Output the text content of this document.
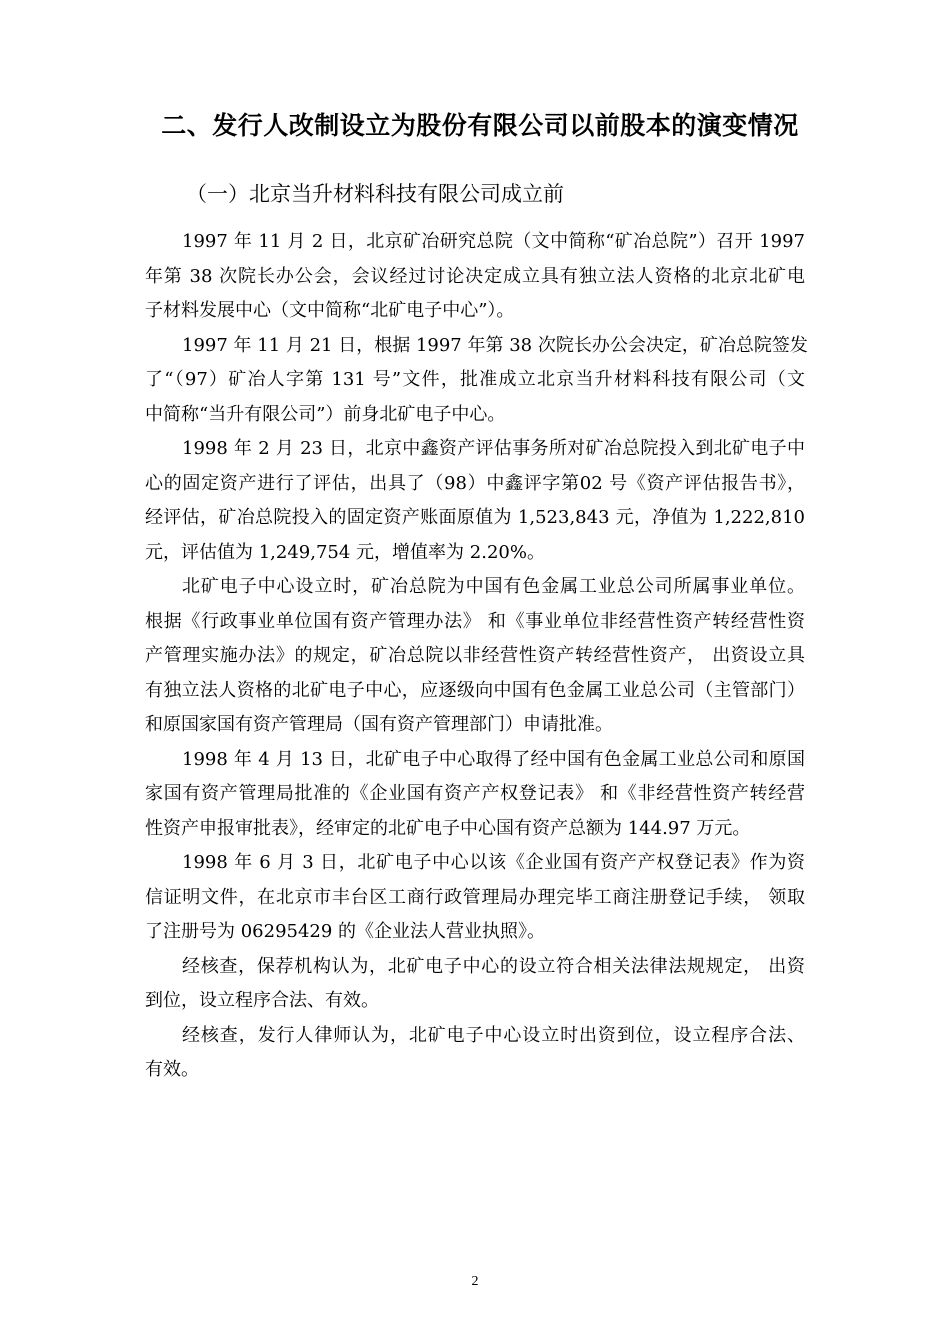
二、发行人改制设立为股份有限公司以前股本的演变情况
（一）北京当升材料科技有限公司成立前
1997 年 11 月 2 日，北京矿冶研究总院（文中简称“矿冶总院”）召开 1997
年第 38 次院长办公会，会议经过讨论决定成立具有独立法人资格的北京北矿电
子材料发展中心（文中简称“北矿电子中心”）。
1997 年 11 月 21 日，根据 1997 年第 38 次院长办公会决定，矿冶总院签发
了“（97）矿冶人字第 131 号”文件，批准成立北京当升材料科技有限公司（文
中简称“当升有限公司”）前身北矿电子中心。
1998 年 2 月 23 日，北京中鑫资产评估事务所对矿冶总院投入到北矿电子中
心的固定资产进行了评估，出具了（98）中鑫评字第02 号《资产评估报告书》，
经评估，矿冶总院投入的固定资产账面原值为 1,523,843 元，净值为 1,222,810
元，评估值为 1,249,754 元，增值率为 2.20%。
北矿电子中心设立时，矿冶总院为中国有色金属工业总公司所属事业单位。
根据《行政事业单位国有资产管理办法》 和《事业单位非经营性资产转经营性资
产管理实施办法》的规定，矿冶总院以非经营性资产转经营性资产， 出资设立具
有独立法人资格的北矿电子中心，应逐级向中国有色金属工业总公司（主管部门）
和原国家国有资产管理局（国有资产管理部门）申请批准。
1998 年 4 月 13 日，北矿电子中心取得了经中国有色金属工业总公司和原国
家国有资产管理局批准的《企业国有资产产权登记表》 和《非经营性资产转经营
性资产申报审批表》，经审定的北矿电子中心国有资产总额为 144.97 万元。
1998 年 6 月 3 日，北矿电子中心以该《企业国有资产产权登记表》作为资
信证明文件，在北京市丰台区工商行政管理局办理完毕工商注册登记手续， 领取
了注册号为 06295429 的《企业法人营业执照》。
经核查，保荐机构认为，北矿电子中心的设立符合相关法律法规规定， 出资
到位，设立程序合法、有效。
经核查，发行人律师认为，北矿电子中心设立时出资到位，设立程序合法、
有效。
2
